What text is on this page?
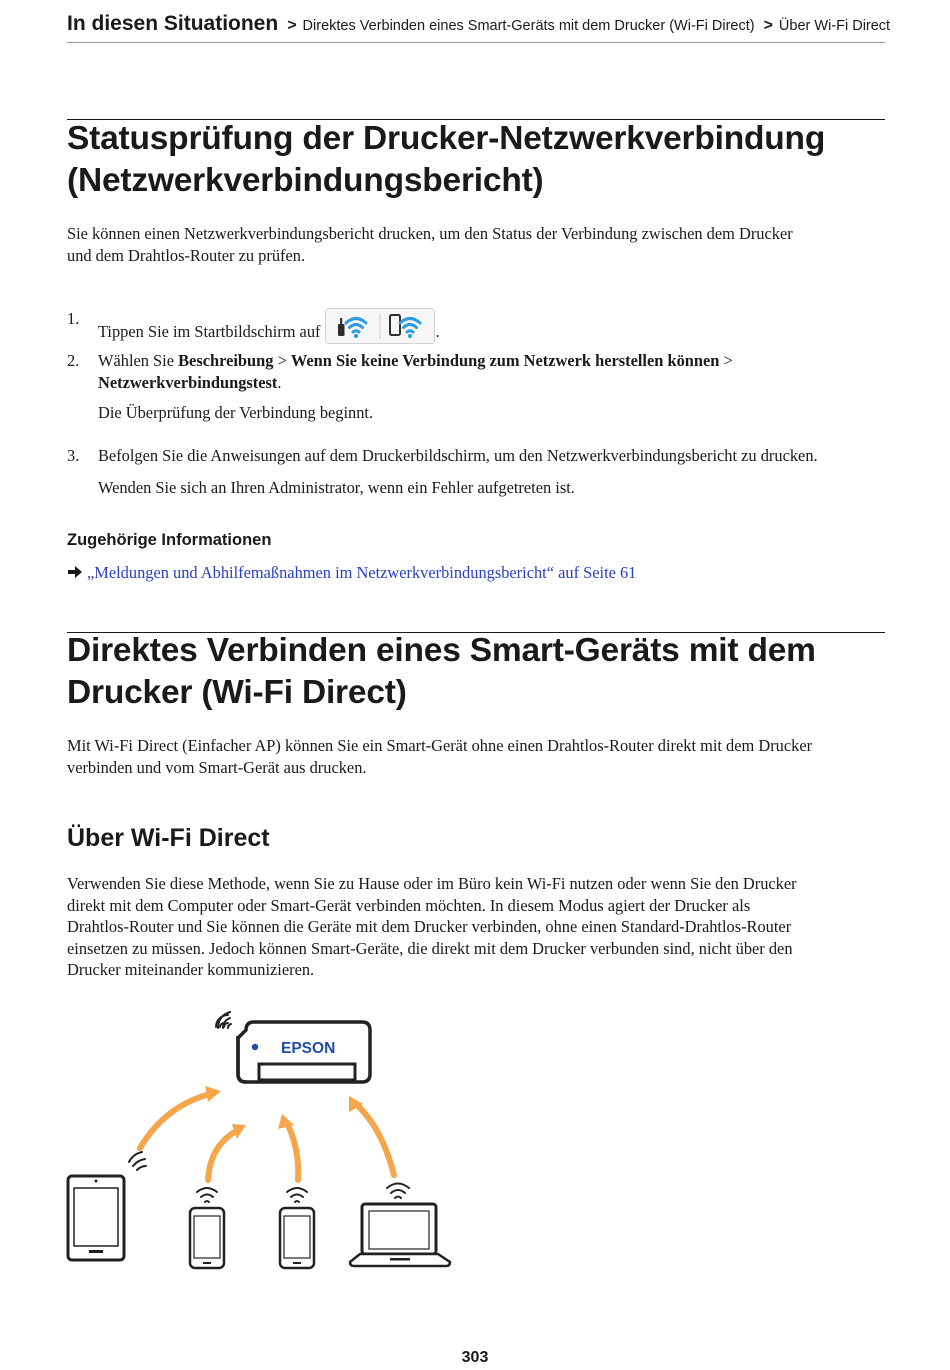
In diesen Situationen > Direktes Verbinden eines Smart-Geräts mit dem Drucker (Wi-Fi Direct) > Über Wi-Fi Direct
Statusprüfung der Drucker-Netzwerkverbindung
(Netzwerkverbindungsbericht)

Sie können einen Netzwerkverbindungsbericht drucken, um den Status der Verbindung zwischen dem Drucker
und dem Drahtlos-Router zu prüfen.

1.
Tippen Sie im Startbildschirm auf	.
2. Wählen Sie Beschreibung > Wenn Sie keine Verbindung zum Netzwerk herstellen können >
Netzwerkverbindungstest.
Die Überprüfung der Verbindung beginnt.
3. Befolgen Sie die Anweisungen auf dem Druckerbildschirm, um den Netzwerkverbindungsbericht zu drucken.
Wenden Sie sich an Ihren Administrator, wenn ein Fehler aufgetreten ist.
Zugehörige Informationen
„Meldungen und Abhilfemaßnahmen im Netzwerkverbindungsbericht“ auf Seite 61
Direktes Verbinden eines Smart-Geräts mit dem
Drucker (Wi-Fi Direct)

Mit Wi-Fi Direct (Einfacher AP) können Sie ein Smart-Gerät ohne einen Drahtlos-Router direkt mit dem Drucker
verbinden und vom Smart-Gerät aus drucken.

Über Wi-Fi Direct

Verwenden Sie diese Methode, wenn Sie zu Hause oder im Büro kein Wi-Fi nutzen oder wenn Sie den Drucker
direkt mit dem Computer oder Smart-Gerät verbinden möchten. In diesem Modus agiert der Drucker als
Drahtlos-Router und Sie können die Geräte mit dem Drucker verbinden, ohne einen Standard-Drahtlos-Router
einsetzen zu müssen. Jedoch können Smart-Geräte, die direkt mit dem Drucker verbunden sind, nicht über den
Drucker miteinander kommunizieren.

EPSON
303
